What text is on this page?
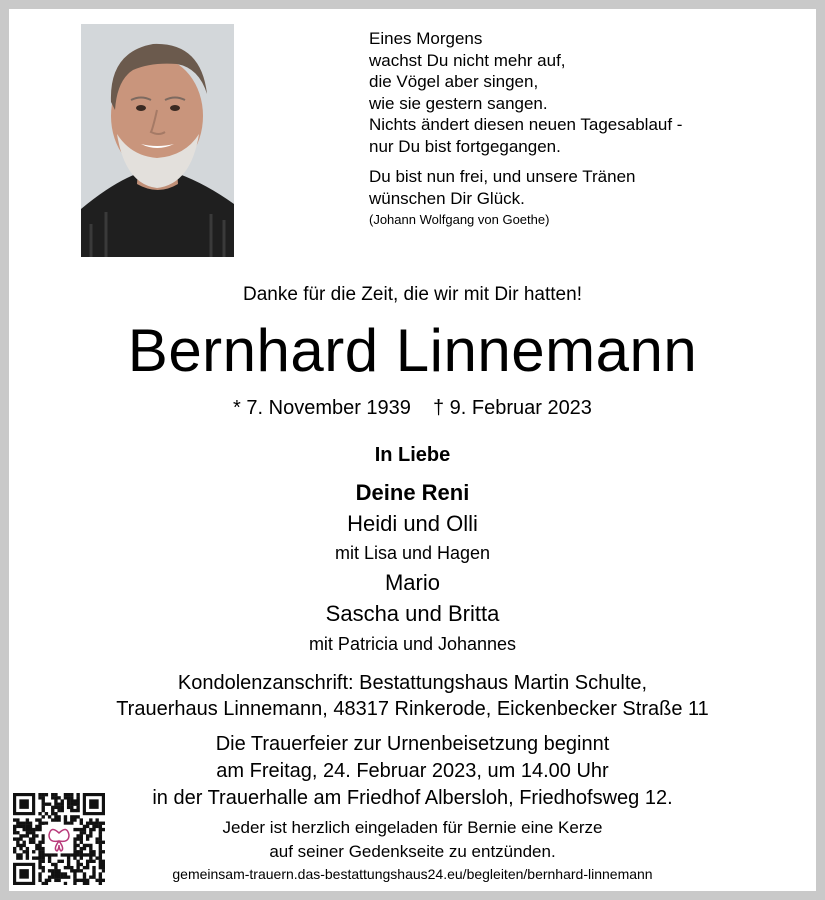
Eines Morgens
wachst Du nicht mehr auf,
die Vögel aber singen,
wie sie gestern sangen.
Nichts ändert diesen neuen Tagesablauf -
nur Du bist fortgegangen.
Du bist nun frei, und unsere Tränen
wünschen Dir Glück.
(Johann Wolfgang von Goethe)
Danke für die Zeit, die wir mit Dir hatten!
Bernhard Linnemann
* 7. November 1939 † 9. Februar 2023
In Liebe
Deine Reni
Heidi und Olli
mit Lisa und Hagen
Mario
Sascha und Britta
mit Patricia und Johannes
Kondolenzanschrift: Bestattungshaus Martin Schulte,
Trauerhaus Linnemann, 48317 Rinkerode, Eickenbecker Straße 11
Die Trauerfeier zur Urnenbeisetzung beginnt
am Freitag, 24. Februar 2023, um 14.00 Uhr
in der Trauerhalle am Friedhof Albersloh, Friedhofsweg 12.
Jeder ist herzlich eingeladen für Bernie eine Kerze
auf seiner Gedenkseite zu entzünden.
gemeinsam-trauern.das-bestattungshaus24.eu/begleiten/bernhard-linnemann
